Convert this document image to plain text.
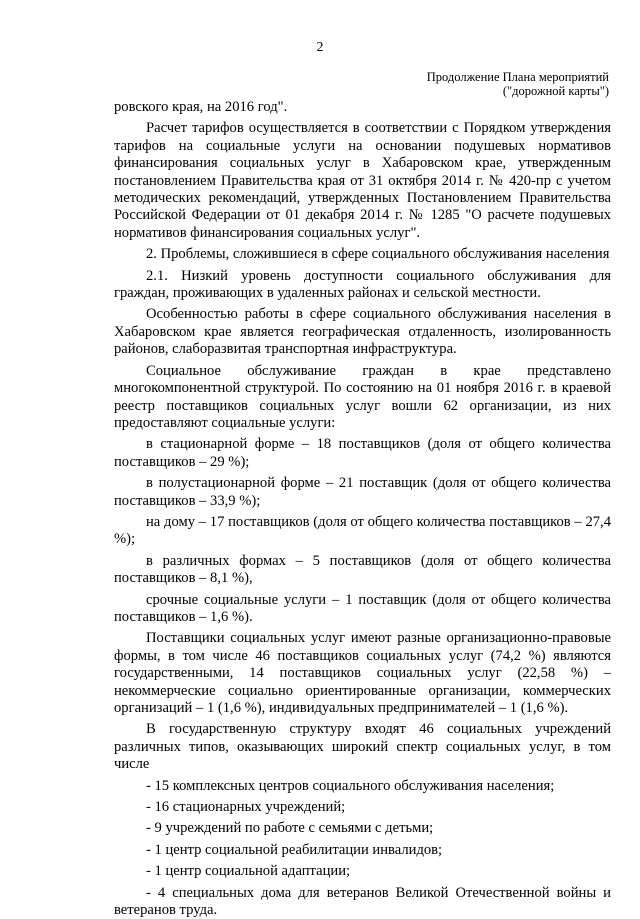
2
Продолжение Плана мероприятий
("дорожной карты")

ровского края, на 2016 год".

Расчет тарифов осуществляется в соответствии с Порядком утверждения тарифов на социальные услуги на основании подушевых нормативов финансирования социальных услуг в Хабаровском крае, утвержденным постановлением Правительства края от 31 октября 2014 г. № 420-пр с учетом методических рекомендаций, утвержденных Постановлением Правительства Российской Федерации от 01 декабря 2014 г. № 1285 "О расчете подушевых нормативов финансирования социальных услуг".

2. Проблемы, сложившиеся в сфере социального обслуживания населения

2.1. Низкий уровень доступности социального обслуживания для граждан, проживающих в удаленных районах и сельской местности.

Особенностью работы в сфере социального обслуживания населения в Хабаровском крае является географическая отдаленность, изолированность районов, слаборазвитая транспортная инфраструктура.

Социальное обслуживание граждан в крае представлено многокомпонентной структурой. По состоянию на 01 ноября 2016 г. в краевой реестр поставщиков социальных услуг вошли 62 организации, из них предоставляют социальные услуги:

в стационарной форме – 18 поставщиков (доля от общего количества поставщиков – 29 %);

в полустационарной форме – 21 поставщик (доля от общего количества поставщиков – 33,9 %);

на дому – 17 поставщиков (доля от общего количества поставщиков – 27,4 %);

в различных формах – 5 поставщиков (доля от общего количества поставщиков – 8,1 %),

срочные социальные услуги – 1 поставщик (доля от общего количества поставщиков – 1,6 %).

Поставщики социальных услуг имеют разные организационно-правовые формы, в том числе 46 поставщиков социальных услуг (74,2 %) являются государственными, 14 поставщиков социальных услуг (22,58 %) – некоммерческие социально ориентированные организации, коммерческих организаций – 1 (1,6 %), индивидуальных предпринимателей – 1 (1,6 %).

В государственную структуру входят 46 социальных учреждений различных типов, оказывающих широкий спектр социальных услуг, в том числе

- 15 комплексных центров социального обслуживания населения;

- 16 стационарных учреждений;

- 9 учреждений по работе с семьями с детьми;

- 1 центр социальной реабилитации инвалидов;

- 1 центр социальной адаптации;

- 4 специальных дома для ветеранов Великой Отечественной войны и ветеранов труда.
